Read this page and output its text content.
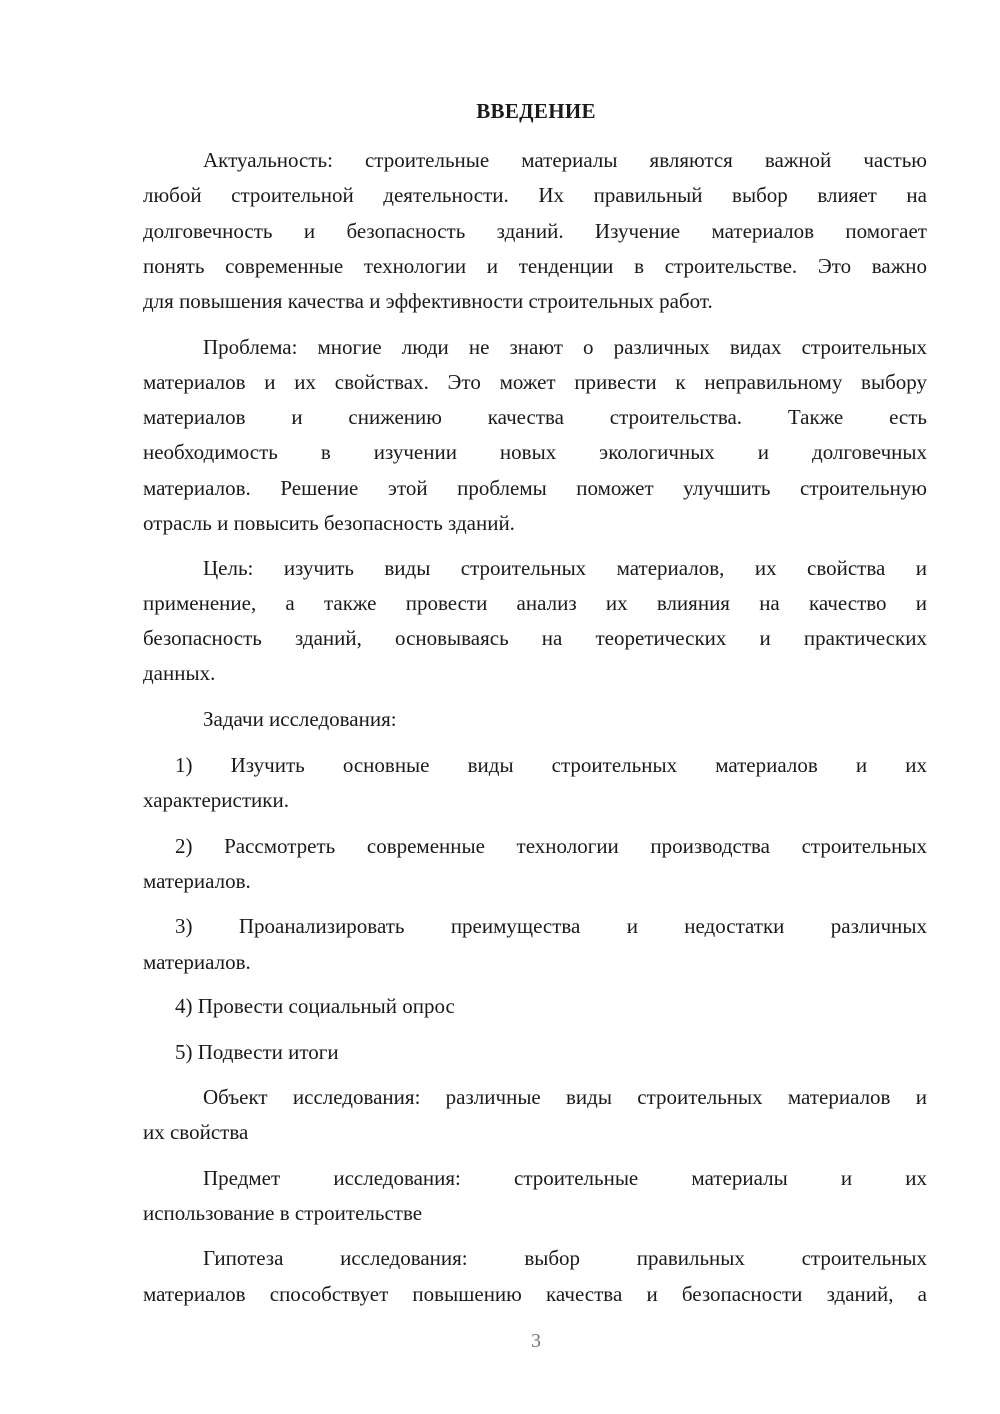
ВВЕДЕНИЕ
Актуальность: строительные материалы являются важной частью
любой строительной деятельности. Их правильный выбор влияет на
долговечность и безопасность зданий. Изучение материалов помогает
понять современные технологии и тенденции в строительстве. Это важно
для повышения качества и эффективности строительных работ.
Проблема: многие люди не знают о различных видах строительных
материалов и их свойствах. Это может привести к неправильному выбору
материалов и снижению качества строительства. Также есть
необходимость в изучении новых экологичных и долговечных
материалов. Решение этой проблемы поможет улучшить строительную
отрасль и повысить безопасность зданий.
Цель: изучить виды строительных материалов, их свойства и
применение, а также провести анализ их влияния на качество и
безопасность зданий, основываясь на теоретических и практических
данных.
Задачи исследования:
1) Изучить основные виды строительных материалов и их
характеристики.
2) Рассмотреть современные технологии производства строительных
материалов.
3) Проанализировать преимущества и недостатки различных
материалов.
4) Провести социальный опрос
5) Подвести итоги
Объект исследования: различные виды строительных материалов и
их свойства
Предмет исследования: строительные материалы и их
использование в строительстве
Гипотеза исследования: выбор правильных строительных
материалов способствует повышению качества и безопасности зданий, а
3
